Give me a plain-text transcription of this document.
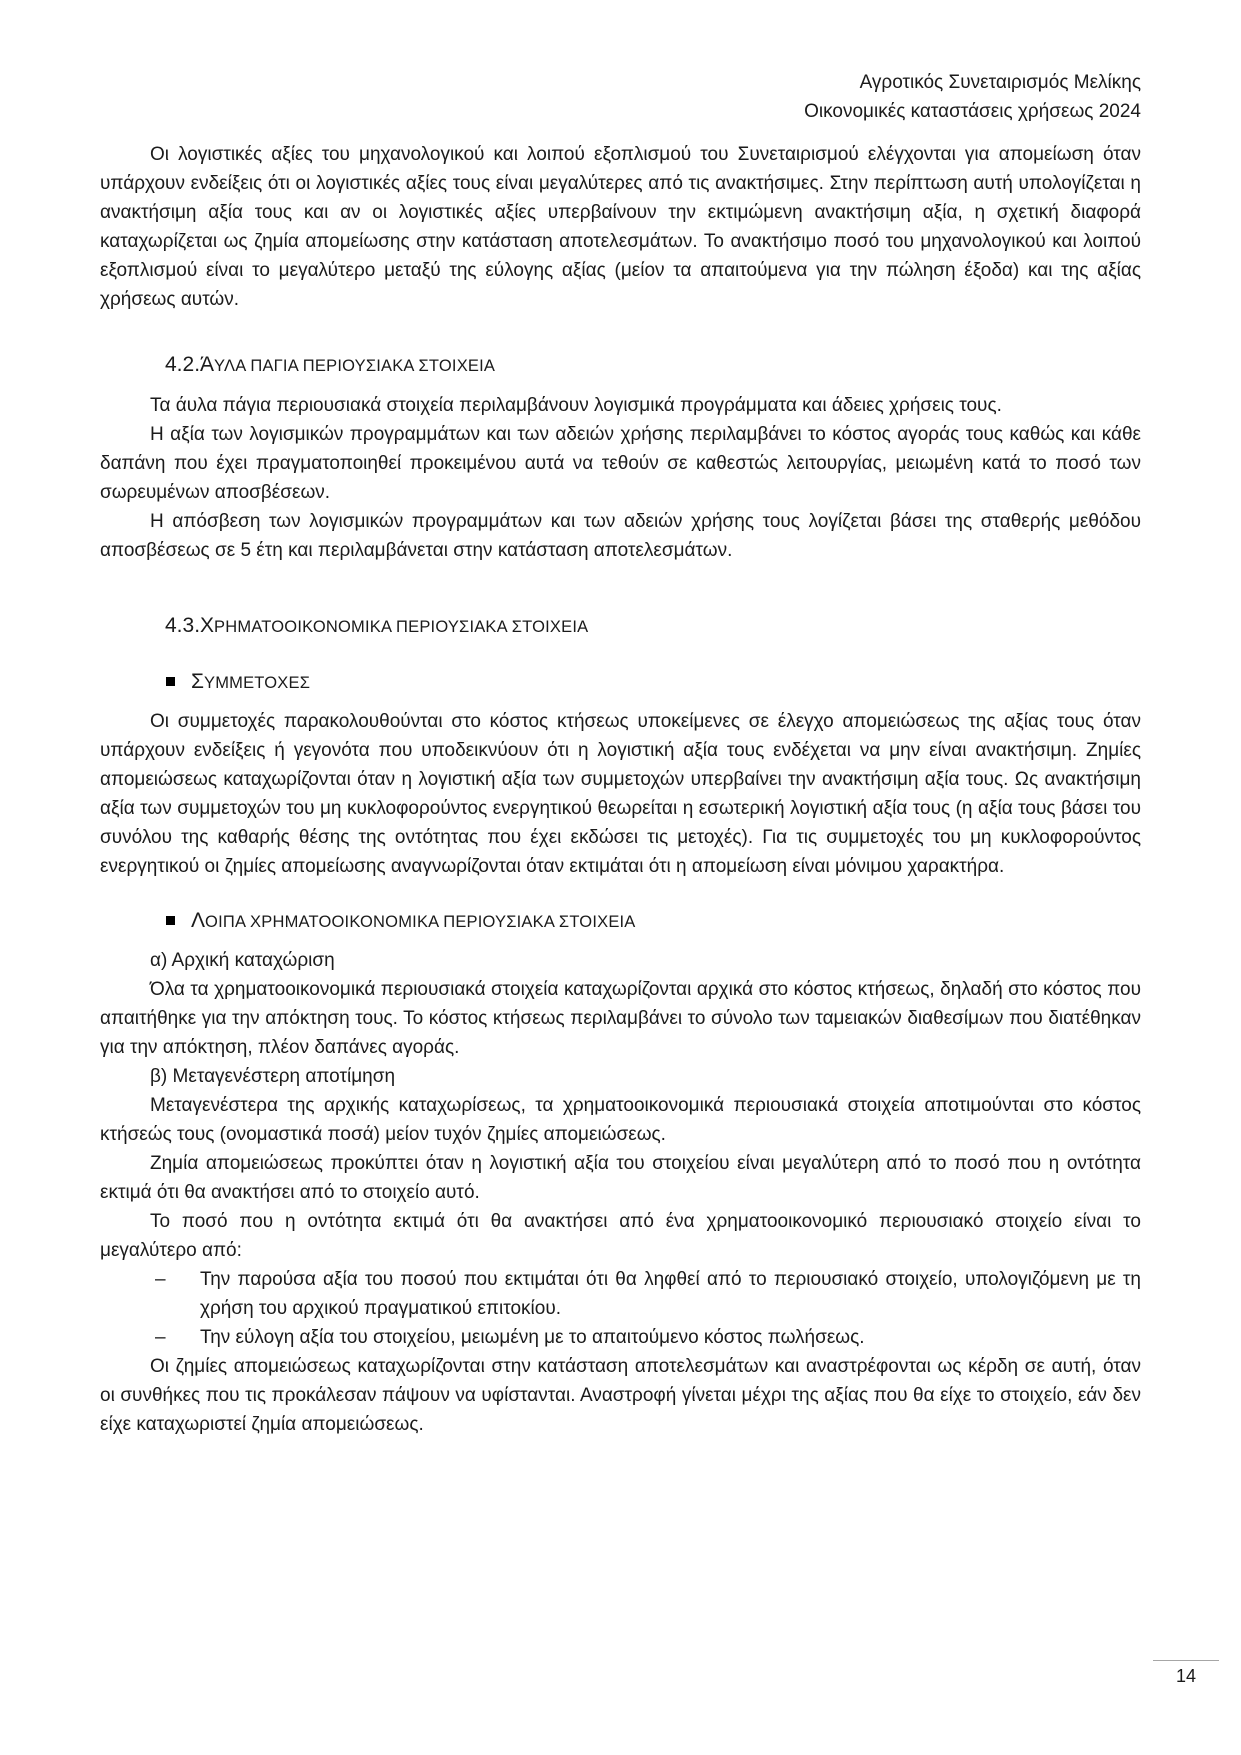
Αγροτικός Συνεταιρισμός Μελίκης
Οικονομικές καταστάσεις χρήσεως 2024

Οι λογιστικές αξίες του μηχανολογικού και λοιπού εξοπλισμού του Συνεταιρισμού ελέγχονται για απομείωση όταν υπάρχουν ενδείξεις ότι οι λογιστικές αξίες τους είναι μεγαλύτερες από τις ανακτήσιμες. Στην περίπτωση αυτή υπολογίζεται η ανακτήσιμη αξία τους και αν οι λογιστικές αξίες υπερβαίνουν την εκτιμώμενη ανακτήσιμη αξία, η σχετική διαφορά καταχωρίζεται ως ζημία απομείωσης στην κατάσταση αποτελεσμάτων. Το ανακτήσιμο ποσό του μηχανολογικού και λοιπού εξοπλισμού είναι το μεγαλύτερο μεταξύ της εύλογης αξίας (μείον τα απαιτούμενα για την πώληση έξοδα) και της αξίας χρήσεως αυτών.

4.2.ΆΥΛΑ ΠΑΓΙΑ ΠΕΡΙΟΥΣΙΑΚΑ ΣΤΟΙΧΕΙΑ

Τα άυλα πάγια περιουσιακά στοιχεία περιλαμβάνουν λογισμικά προγράμματα και άδειες χρήσεις τους.

Η αξία των λογισμικών προγραμμάτων και των αδειών χρήσης περιλαμβάνει το κόστος αγοράς τους καθώς και κάθε δαπάνη που έχει πραγματοποιηθεί προκειμένου αυτά να τεθούν σε καθεστώς λειτουργίας, μειωμένη κατά το ποσό των σωρευμένων αποσβέσεων.

Η απόσβεση των λογισμικών προγραμμάτων και των αδειών χρήσης τους λογίζεται βάσει της σταθερής μεθόδου αποσβέσεως σε 5 έτη και περιλαμβάνεται στην κατάσταση αποτελεσμάτων.

4.3.ΧΡΗΜΑΤΟΟΙΚΟΝΟΜΙΚΑ ΠΕΡΙΟΥΣΙΑΚΑ ΣΤΟΙΧΕΙΑ
ΣΥΜΜΕΤΟΧΕΣ

Οι συμμετοχές παρακολουθούνται στο κόστος κτήσεως υποκείμενες σε έλεγχο απομειώσεως της αξίας τους όταν υπάρχουν ενδείξεις ή γεγονότα που υποδεικνύουν ότι η λογιστική αξία τους ενδέχεται να μην είναι ανακτήσιμη. Ζημίες απομειώσεως καταχωρίζονται όταν η λογιστική αξία των συμμετοχών υπερβαίνει την ανακτήσιμη αξία τους. Ως ανακτήσιμη αξία των συμμετοχών του μη κυκλοφορούντος ενεργητικού θεωρείται η εσωτερική λογιστική αξία τους (η αξία τους βάσει του συνόλου της καθαρής θέσης της οντότητας που έχει εκδώσει τις μετοχές). Για τις συμμετοχές του μη κυκλοφορούντος ενεργητικού οι ζημίες απομείωσης αναγνωρίζονται όταν εκτιμάται ότι η απομείωση είναι μόνιμου χαρακτήρα.

ΛΟΙΠΑ ΧΡΗΜΑΤΟΟΙΚΟΝΟΜΙΚΑ ΠΕΡΙΟΥΣΙΑΚΑ ΣΤΟΙΧΕΙΑ

α) Αρχική καταχώριση

Όλα τα χρηματοοικονομικά περιουσιακά στοιχεία καταχωρίζονται αρχικά στο κόστος κτήσεως, δηλαδή στο κόστος που απαιτήθηκε για την απόκτηση τους. Το κόστος κτήσεως περιλαμβάνει το σύνολο των ταμειακών διαθεσίμων που διατέθηκαν για την απόκτηση, πλέον δαπάνες αγοράς.

β) Μεταγενέστερη αποτίμηση

Μεταγενέστερα της αρχικής καταχωρίσεως, τα χρηματοοικονομικά περιουσιακά στοιχεία αποτιμούνται στο κόστος κτήσεώς τους (ονομαστικά ποσά) μείον τυχόν ζημίες απομειώσεως.

Ζημία απομειώσεως προκύπτει όταν η λογιστική αξία του στοιχείου είναι μεγαλύτερη από το ποσό που η οντότητα εκτιμά ότι θα ανακτήσει από το στοιχείο αυτό.

Το ποσό που η οντότητα εκτιμά ότι θα ανακτήσει από ένα χρηματοοικονομικό περιουσιακό στοιχείο είναι το μεγαλύτερο από:

– Την παρούσα αξία του ποσού που εκτιμάται ότι θα ληφθεί από το περιουσιακό στοιχείο, υπολογιζόμενη με τη χρήση του αρχικού πραγματικού επιτοκίου.
– Την εύλογη αξία του στοιχείου, μειωμένη με το απαιτούμενο κόστος πωλήσεως.

Οι ζημίες απομειώσεως καταχωρίζονται στην κατάσταση αποτελεσμάτων και αναστρέφονται ως κέρδη σε αυτή, όταν οι συνθήκες που τις προκάλεσαν πάψουν να υφίστανται. Αναστροφή γίνεται μέχρι της αξίας που θα είχε το στοιχείο, εάν δεν είχε καταχωριστεί ζημία απομειώσεως.

14
